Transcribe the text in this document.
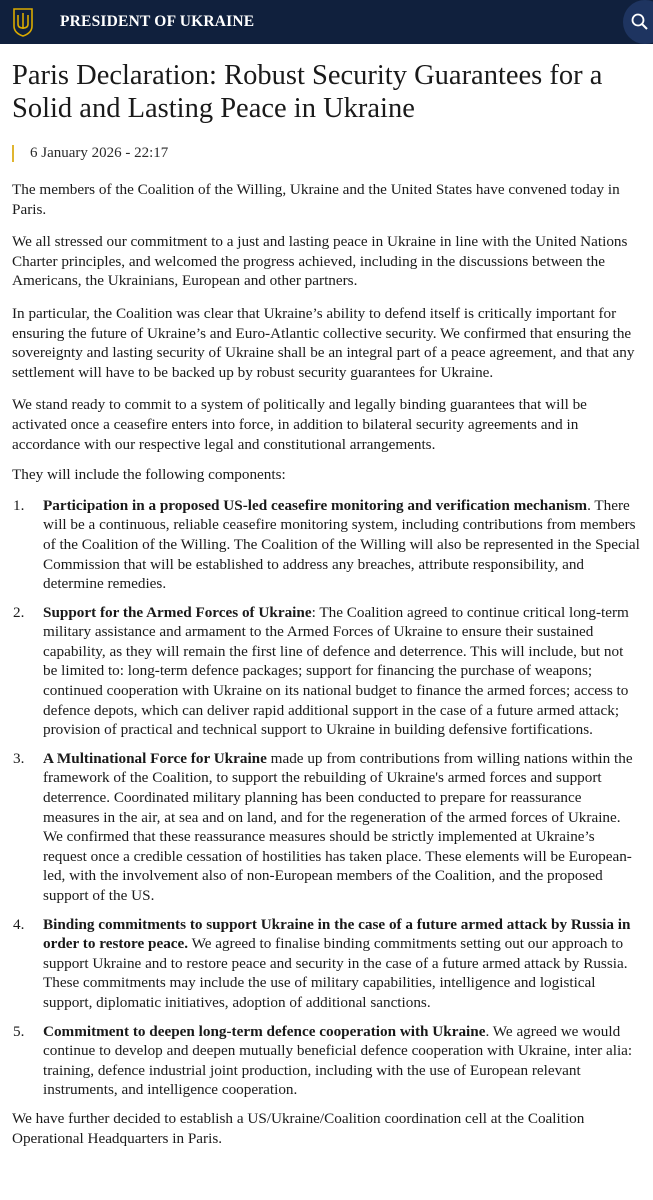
PRESIDENT OF UKRAINE
Paris Declaration: Robust Security Guarantees for a Solid and Lasting Peace in Ukraine
6 January 2026 - 22:17

The members of the Coalition of the Willing, Ukraine and the United States have convened today in Paris.

We all stressed our commitment to a just and lasting peace in Ukraine in line with the United Nations Charter principles, and welcomed the progress achieved, including in the discussions between the Americans, the Ukrainians, European and other partners.

In particular, the Coalition was clear that Ukraine’s ability to defend itself is critically important for ensuring the future of Ukraine’s and Euro-Atlantic collective security. We confirmed that ensuring the sovereignty and lasting security of Ukraine shall be an integral part of a peace agreement, and that any settlement will have to be backed up by robust security guarantees for Ukraine.

We stand ready to commit to a system of politically and legally binding guarantees that will be activated once a ceasefire enters into force, in addition to bilateral security agreements and in accordance with our respective legal and constitutional arrangements.

They will include the following components:

1.	Participation in a proposed US-led ceasefire monitoring and verification mechanism. There will be a continuous, reliable ceasefire monitoring system, including contributions from members of the Coalition of the Willing. The Coalition of the Willing will also be represented in the Special Commission that will be established to address any breaches, attribute responsibility, and determine remedies.
2.	Support for the Armed Forces of Ukraine: The Coalition agreed to continue critical long-term military assistance and armament to the Armed Forces of Ukraine to ensure their sustained capability, as they will remain the first line of defence and deterrence. This will include, but not be limited to: long-term defence packages; support for financing the purchase of weapons; continued cooperation with Ukraine on its national budget to finance the armed forces; access to defence depots, which can deliver rapid additional support in the case of a future armed attack; provision of practical and technical support to Ukraine in building defensive fortifications.
3.	A Multinational Force for Ukraine made up from contributions from willing nations within the framework of the Coalition, to support the rebuilding of Ukraine's armed forces and support deterrence. Coordinated military planning has been conducted to prepare for reassurance measures in the air, at sea and on land, and for the regeneration of the armed forces of Ukraine. We confirmed that these reassurance measures should be strictly implemented at Ukraine’s request once a credible cessation of hostilities has taken place. These elements will be European-led, with the involvement also of non-European members of the Coalition, and the proposed support of the US.
4.	Binding commitments to support Ukraine in the case of a future armed attack by Russia in order to restore peace. We agreed to finalise binding commitments setting out our approach to support Ukraine and to restore peace and security in the case of a future armed attack by Russia. These commitments may include the use of military capabilities, intelligence and logistical support, diplomatic initiatives, adoption of additional sanctions.
5.	Commitment to deepen long-term defence cooperation with Ukraine. We agreed we would continue to develop and deepen mutually beneficial defence cooperation with Ukraine, inter alia: training, defence industrial joint production, including with the use of European relevant instruments, and intelligence cooperation.

We have further decided to establish a US/Ukraine/Coalition coordination cell at the Coalition Operational Headquarters in Paris.
